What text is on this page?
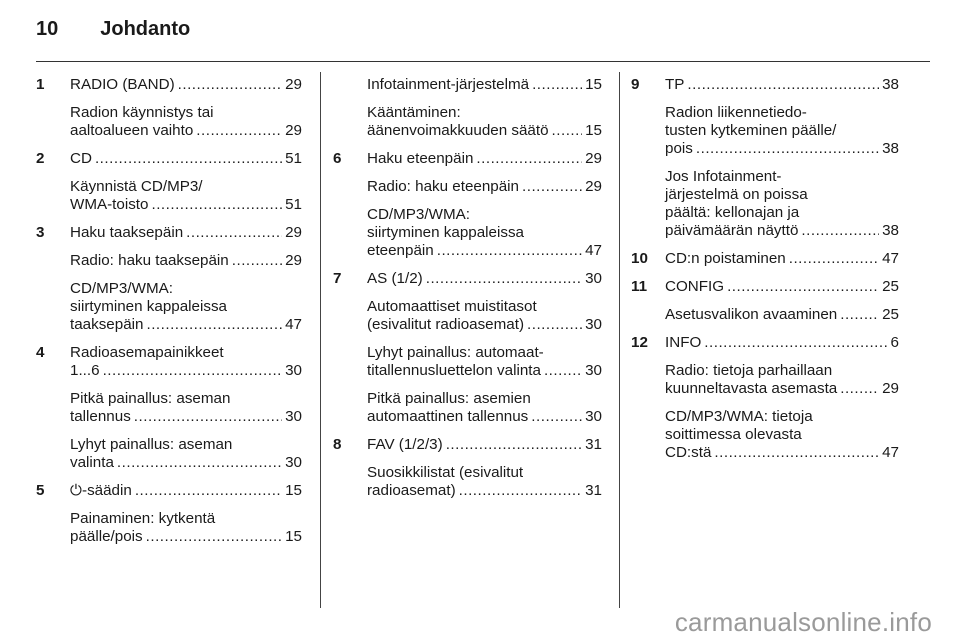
10 Johdanto
1	RADIO (BAND) .....	29
Radion käynnistys tai
aaltoalueen vaihto .....	29
2	CD .....	51
Käynnistä CD/MP3/
WMA-toisto .....	51
3	Haku taaksepäin .....	29
Radio: haku taaksepäin .....	29
CD/MP3/WMA:
siirtyminen kappaleissa
taaksepäin .....	47
4	Radioasemapainikkeet
1...6 .....	30
Pitkä painallus: aseman
tallennus .....	30
Lyhyt painallus: aseman
valinta .....	30
5	⏻-säädin .....	15
Painaminen: kytkentä
päälle/pois .....	15
Infotainment-järjestelmä .....	15
Kääntäminen:
äänenvoimakkuuden säätö ..... 15
6	Haku eteenpäin .....	29
Radio: haku eteenpäin .....	29
CD/MP3/WMA:
siirtyminen kappaleissa
eteenpäin .....	47
7	AS (1/2) .....	30
Automaattiset muistitasot
(esivalitut radioasemat) .....	30
Lyhyt painallus: automaat-
titallennusluettelon valinta .....	30
Pitkä painallus: asemien
automaattinen tallennus .....	30
8	FAV (1/2/3) .....	31
Suosikkilistat (esivalitut
radioasemat) .....	31
9	TP .....	38
Radion liikennetiedo-
tusten kytkeminen päälle/
pois .....	38
Jos Infotainment-
järjestelmä on poissa
päältä: kellonajan ja
päivämäärän näyttö .....	38
10	CD:n poistaminen .....	47
11	CONFIG .....	25
Asetusvalikon avaaminen .....	25
12	INFO .....	6
Radio: tietoja parhaillaan
kuunneltavasta asemasta .....	29
CD/MP3/WMA: tietoja
soittimessa olevasta
CD:stä .....	47
carmanualsonline.info
